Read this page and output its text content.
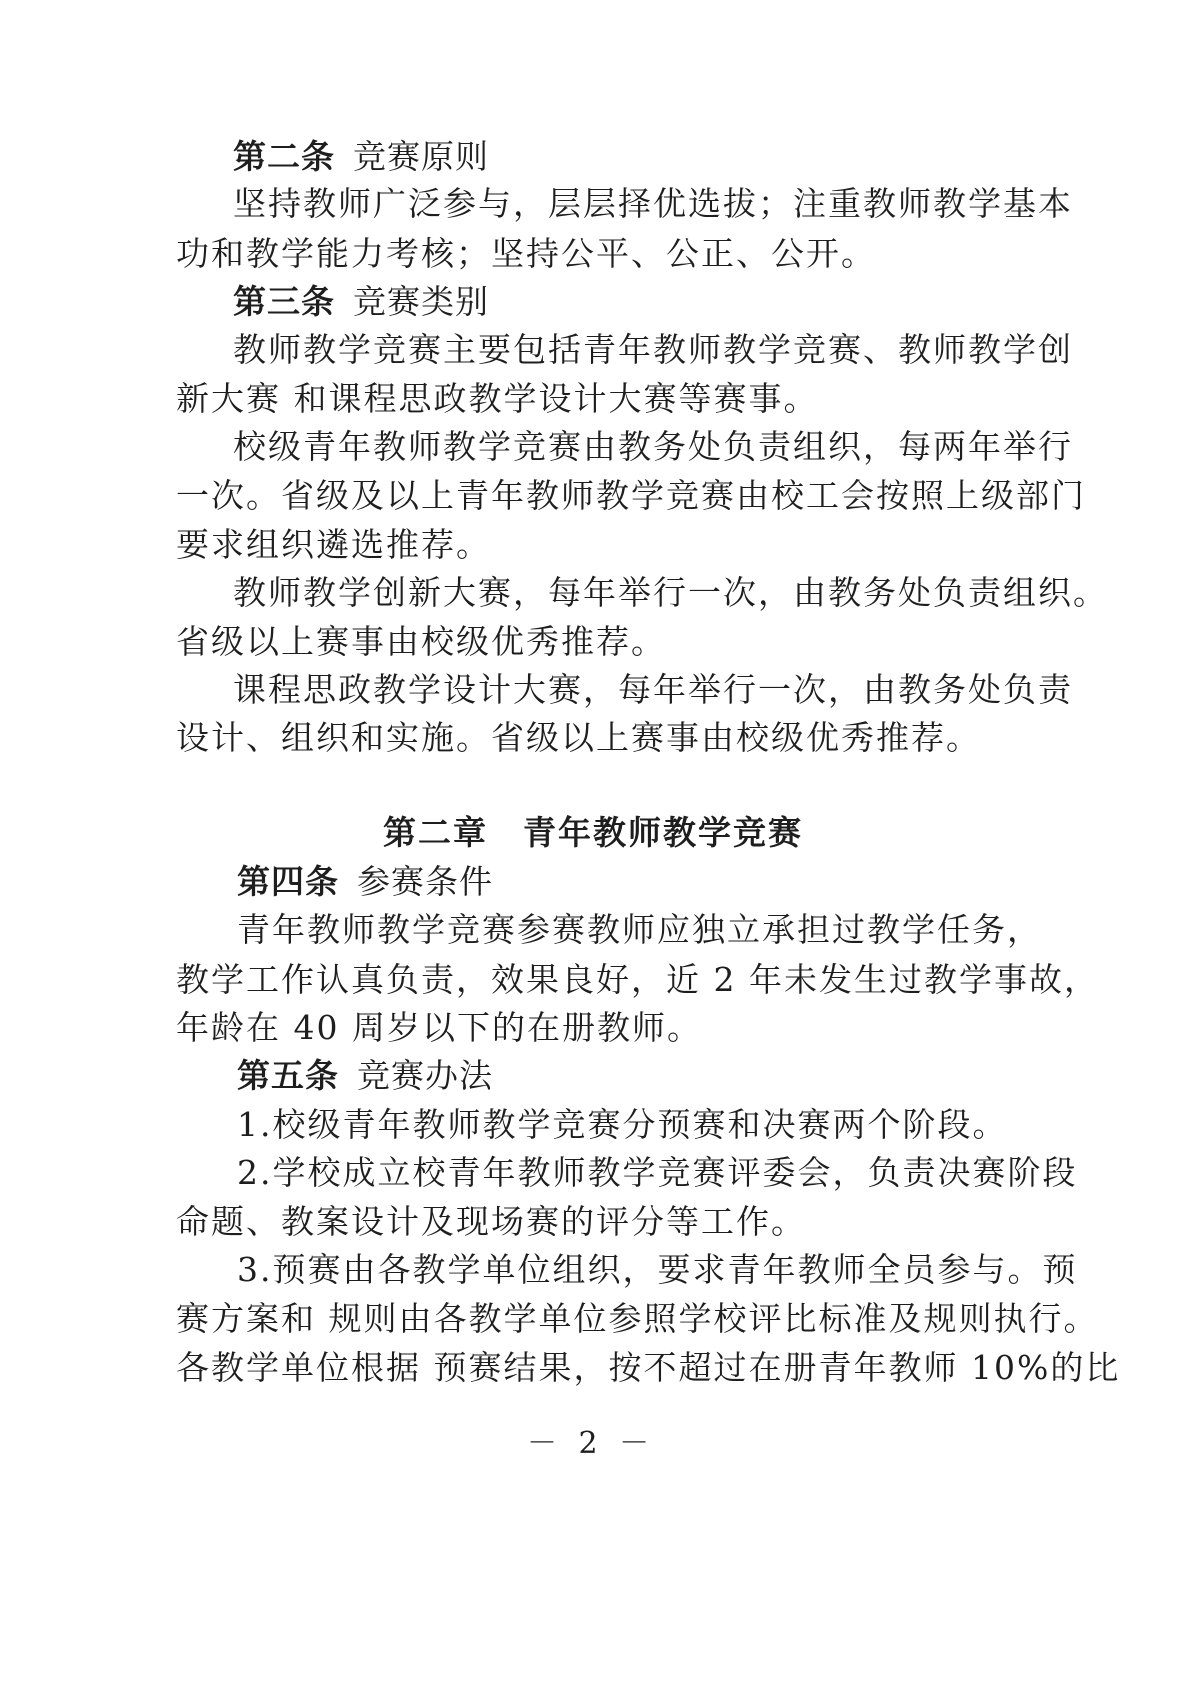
第二条 竞赛原则
坚持教师广泛参与，层层择优选拔；注重教师教学基本
功和教学能力考核；坚持公平、公正、公开。
第三条 竞赛类别
教师教学竞赛主要包括青年教师教学竞赛、教师教学创
新大赛 和课程思政教学设计大赛等赛事。
校级青年教师教学竞赛由教务处负责组织，每两年举行
一次。省级及以上青年教师教学竞赛由校工会按照上级部门
要求组织遴选推荐。
教师教学创新大赛，每年举行一次，由教务处负责组织。
省级以上赛事由校级优秀推荐。
课程思政教学设计大赛，每年举行一次，由教务处负责
设计、组织和实施。省级以上赛事由校级优秀推荐。
第二章　青年教师教学竞赛
第四条 参赛条件
青年教师教学竞赛参赛教师应独立承担过教学任务，
教学工作认真负责，效果良好，近 2 年未发生过教学事故，
年龄在 40 周岁以下的在册教师。
第五条 竞赛办法
1.校级青年教师教学竞赛分预赛和决赛两个阶段。
2.学校成立校青年教师教学竞赛评委会，负责决赛阶段
命题、教案设计及现场赛的评分等工作。
3.预赛由各教学单位组织，要求青年教师全员参与。预
赛方案和 规则由各教学单位参照学校评比标准及规则执行。
各教学单位根据 预赛结果，按不超过在册青年教师 10%的比
－ 2 －
